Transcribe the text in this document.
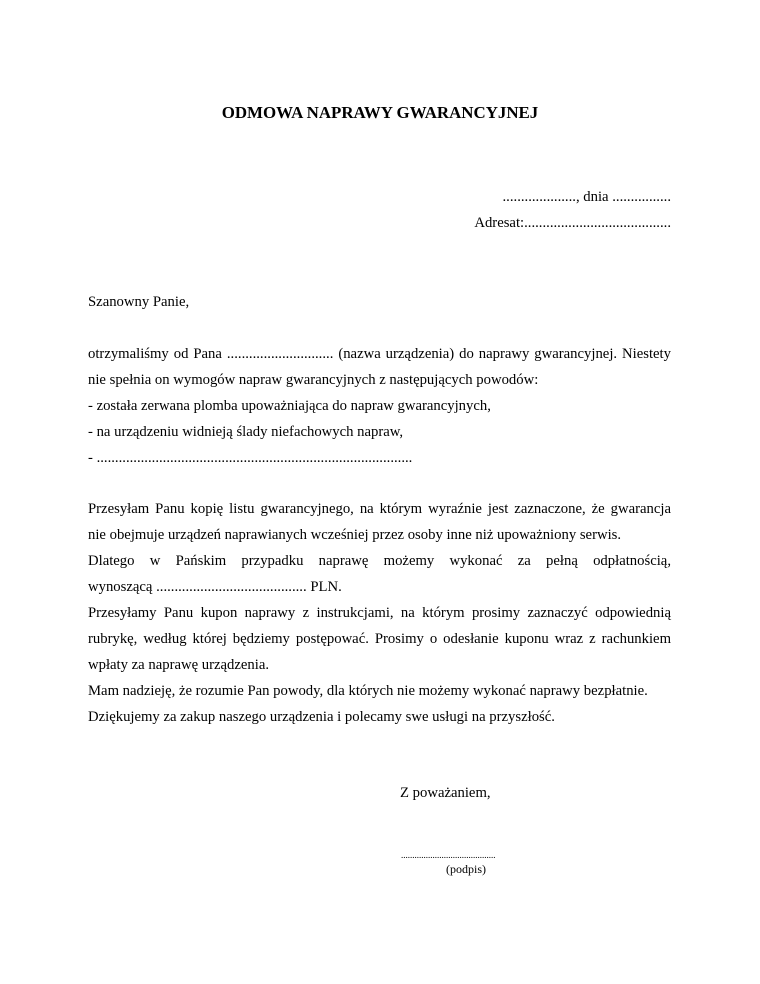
ODMOWA NAPRAWY GWARANCYJNEJ
...................., dnia ................
Adresat:........................................
Szanowny Panie,
otrzymaliśmy od Pana ............................. (nazwa urządzenia) do naprawy gwarancyjnej. Niestety
nie spełnia on wymogów napraw gwarancyjnych z następujących powodów:
- została zerwana plomba upoważniająca do napraw gwarancyjnych,
- na urządzeniu widnieją ślady niefachowych napraw,
- ......................................................................................
Przesyłam Panu kopię listu gwarancyjnego, na którym wyraźnie jest zaznaczone, że gwarancja
nie obejmuje urządzeń naprawianych wcześniej przez osoby inne niż upoważniony serwis.
Dlatego w Pańskim przypadku naprawę możemy wykonać za pełną odpłatnością,
wynoszącą ......................................... PLN.
Przesyłamy Panu kupon naprawy z instrukcjami, na którym prosimy zaznaczyć odpowiednią
rubrykę, według której będziemy postępować. Prosimy o odesłanie kuponu wraz z rachunkiem
wpłaty za naprawę urządzenia.
Mam nadzieję, że rozumie Pan powody, dla których nie możemy wykonać naprawy bezpłatnie.
Dziękujemy za zakup naszego urządzenia i polecamy swe usługi na przyszłość.
Z poważaniem,
..........................................
(podpis)
